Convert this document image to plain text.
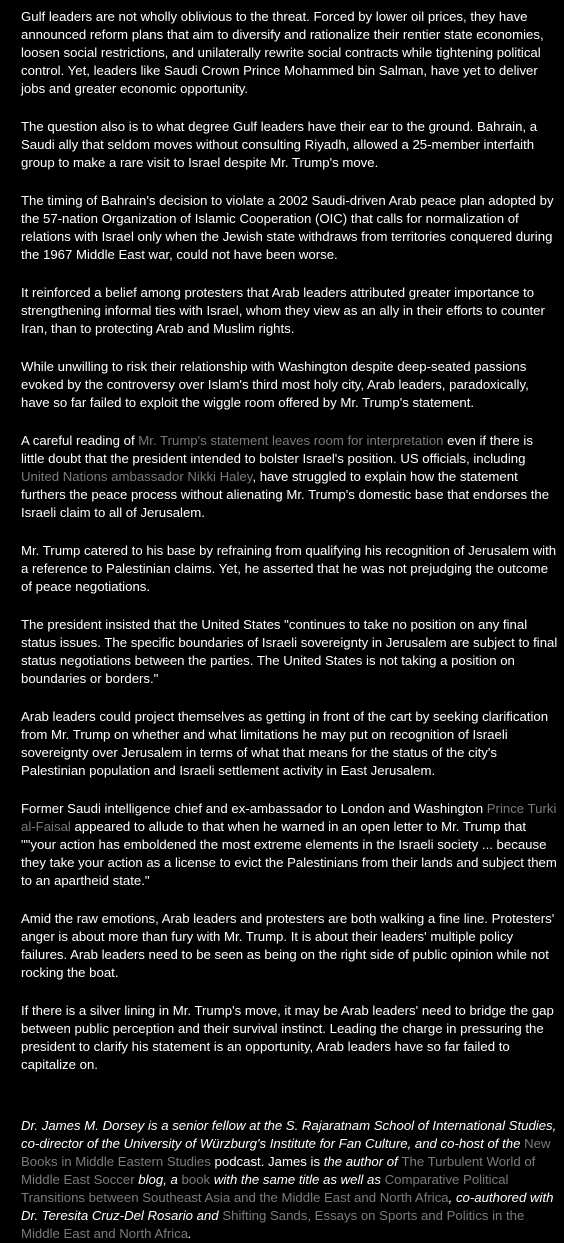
Gulf leaders are not wholly oblivious to the threat. Forced by lower oil prices, they have announced reform plans that aim to diversify and rationalize their rentier state economies, loosen social restrictions, and unilaterally rewrite social contracts while tightening political control. Yet, leaders like Saudi Crown Prince Mohammed bin Salman, have yet to deliver jobs and greater economic opportunity.

The question also is to what degree Gulf leaders have their ear to the ground. Bahrain, a Saudi ally that seldom moves without consulting Riyadh, allowed a 25-member interfaith group to make a rare visit to Israel despite Mr. Trump's move.

The timing of Bahrain's decision to violate a 2002 Saudi-driven Arab peace plan adopted by the 57-nation Organization of Islamic Cooperation (OIC) that calls for normalization of relations with Israel only when the Jewish state withdraws from territories conquered during the 1967 Middle East war, could not have been worse.

It reinforced a belief among protesters that Arab leaders attributed greater importance to strengthening informal ties with Israel, whom they view as an ally in their efforts to counter Iran, than to protecting Arab and Muslim rights.

While unwilling to risk their relationship with Washington despite deep-seated passions evoked by the controversy over Islam's third most holy city, Arab leaders, paradoxically, have so far failed to exploit the wiggle room offered by Mr. Trump's statement.

A careful reading of Mr. Trump's statement leaves room for interpretation even if there is little doubt that the president intended to bolster Israel's position. US officials, including United Nations ambassador Nikki Haley, have struggled to explain how the statement furthers the peace process without alienating Mr. Trump's domestic base that endorses the Israeli claim to all of Jerusalem.

Mr. Trump catered to his base by refraining from qualifying his recognition of Jerusalem with a reference to Palestinian claims. Yet, he asserted that he was not prejudging the outcome of peace negotiations.

The president insisted that the United States "continues to take no position on any final status issues. The specific boundaries of Israeli sovereignty in Jerusalem are subject to final status negotiations between the parties. The United States is not taking a position on boundaries or borders."

Arab leaders could project themselves as getting in front of the cart by seeking clarification from Mr. Trump on whether and what limitations he may put on recognition of Israeli sovereignty over Jerusalem in terms of what that means for the status of the city's Palestinian population and Israeli settlement activity in East Jerusalem.

Former Saudi intelligence chief and ex-ambassador to London and Washington Prince Turki al-Faisal appeared to allude to that when he warned in an open letter to Mr. Trump that ""your action has emboldened the most extreme elements in the Israeli society ... because they take your action as a license to evict the Palestinians from their lands and subject them to an apartheid state."

Amid the raw emotions, Arab leaders and protesters are both walking a fine line. Protesters' anger is about more than fury with Mr. Trump. It is about their leaders' multiple policy failures. Arab leaders need to be seen as being on the right side of public opinion while not rocking the boat.

If there is a silver lining in Mr. Trump's move, it may be Arab leaders' need to bridge the gap between public perception and their survival instinct. Leading the charge in pressuring the president to clarify his statement is an opportunity, Arab leaders have so far failed to capitalize on.

Dr. James M. Dorsey is a senior fellow at the S. Rajaratnam School of International Studies, co-director of the University of Würzburg's Institute for Fan Culture, and co-host of the New Books in Middle Eastern Studies podcast. James is the author of The Turbulent World of Middle East Soccer blog, a book with the same title as well as Comparative Political Transitions between Southeast Asia and the Middle East and North Africa, co-authored with Dr. Teresita Cruz-Del Rosario and Shifting Sands, Essays on Sports and Politics in the Middle East and North Africa.
